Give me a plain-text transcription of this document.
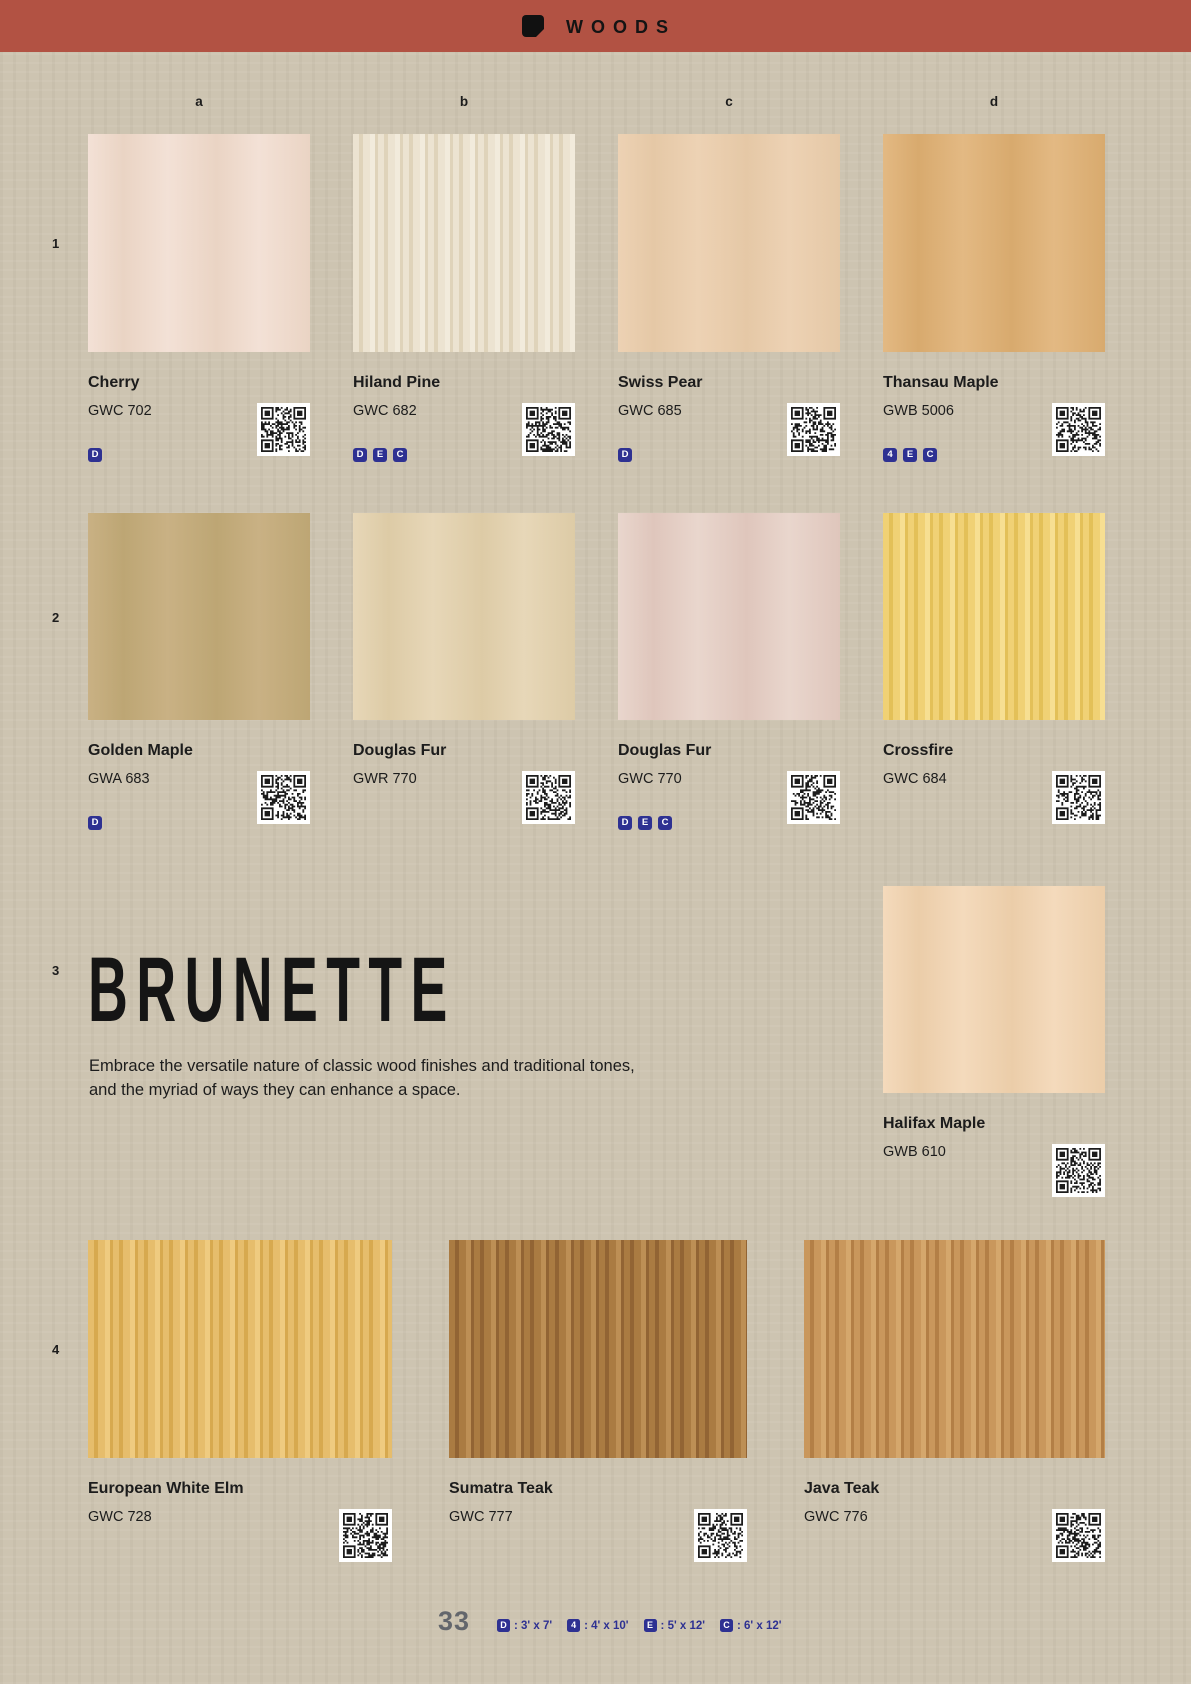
WOODS
a	b	c	d
1
2
3
4
Cherry
GWC 702
D
Hiland Pine
GWC 682
D	E	C
Swiss Pear
GWC 685
D
Thansau Maple
GWB 5006
4	E	C
Golden Maple
GWA 683
D
Douglas Fur
GWR 770
Douglas Fur
GWC 770
D	E	C
Crossfire
GWC 684
BRUNETTE
Embrace the versatile nature of classic wood finishes and traditional tones,
and the myriad of ways they can enhance a space.
Halifax Maple
GWB 610
European White Elm
GWC 728
Sumatra Teak
GWC 777
Java Teak
GWC 776
33	D : 3' x 7'	4 : 4' x 10'	E : 5' x 12'	C : 6' x 12'
